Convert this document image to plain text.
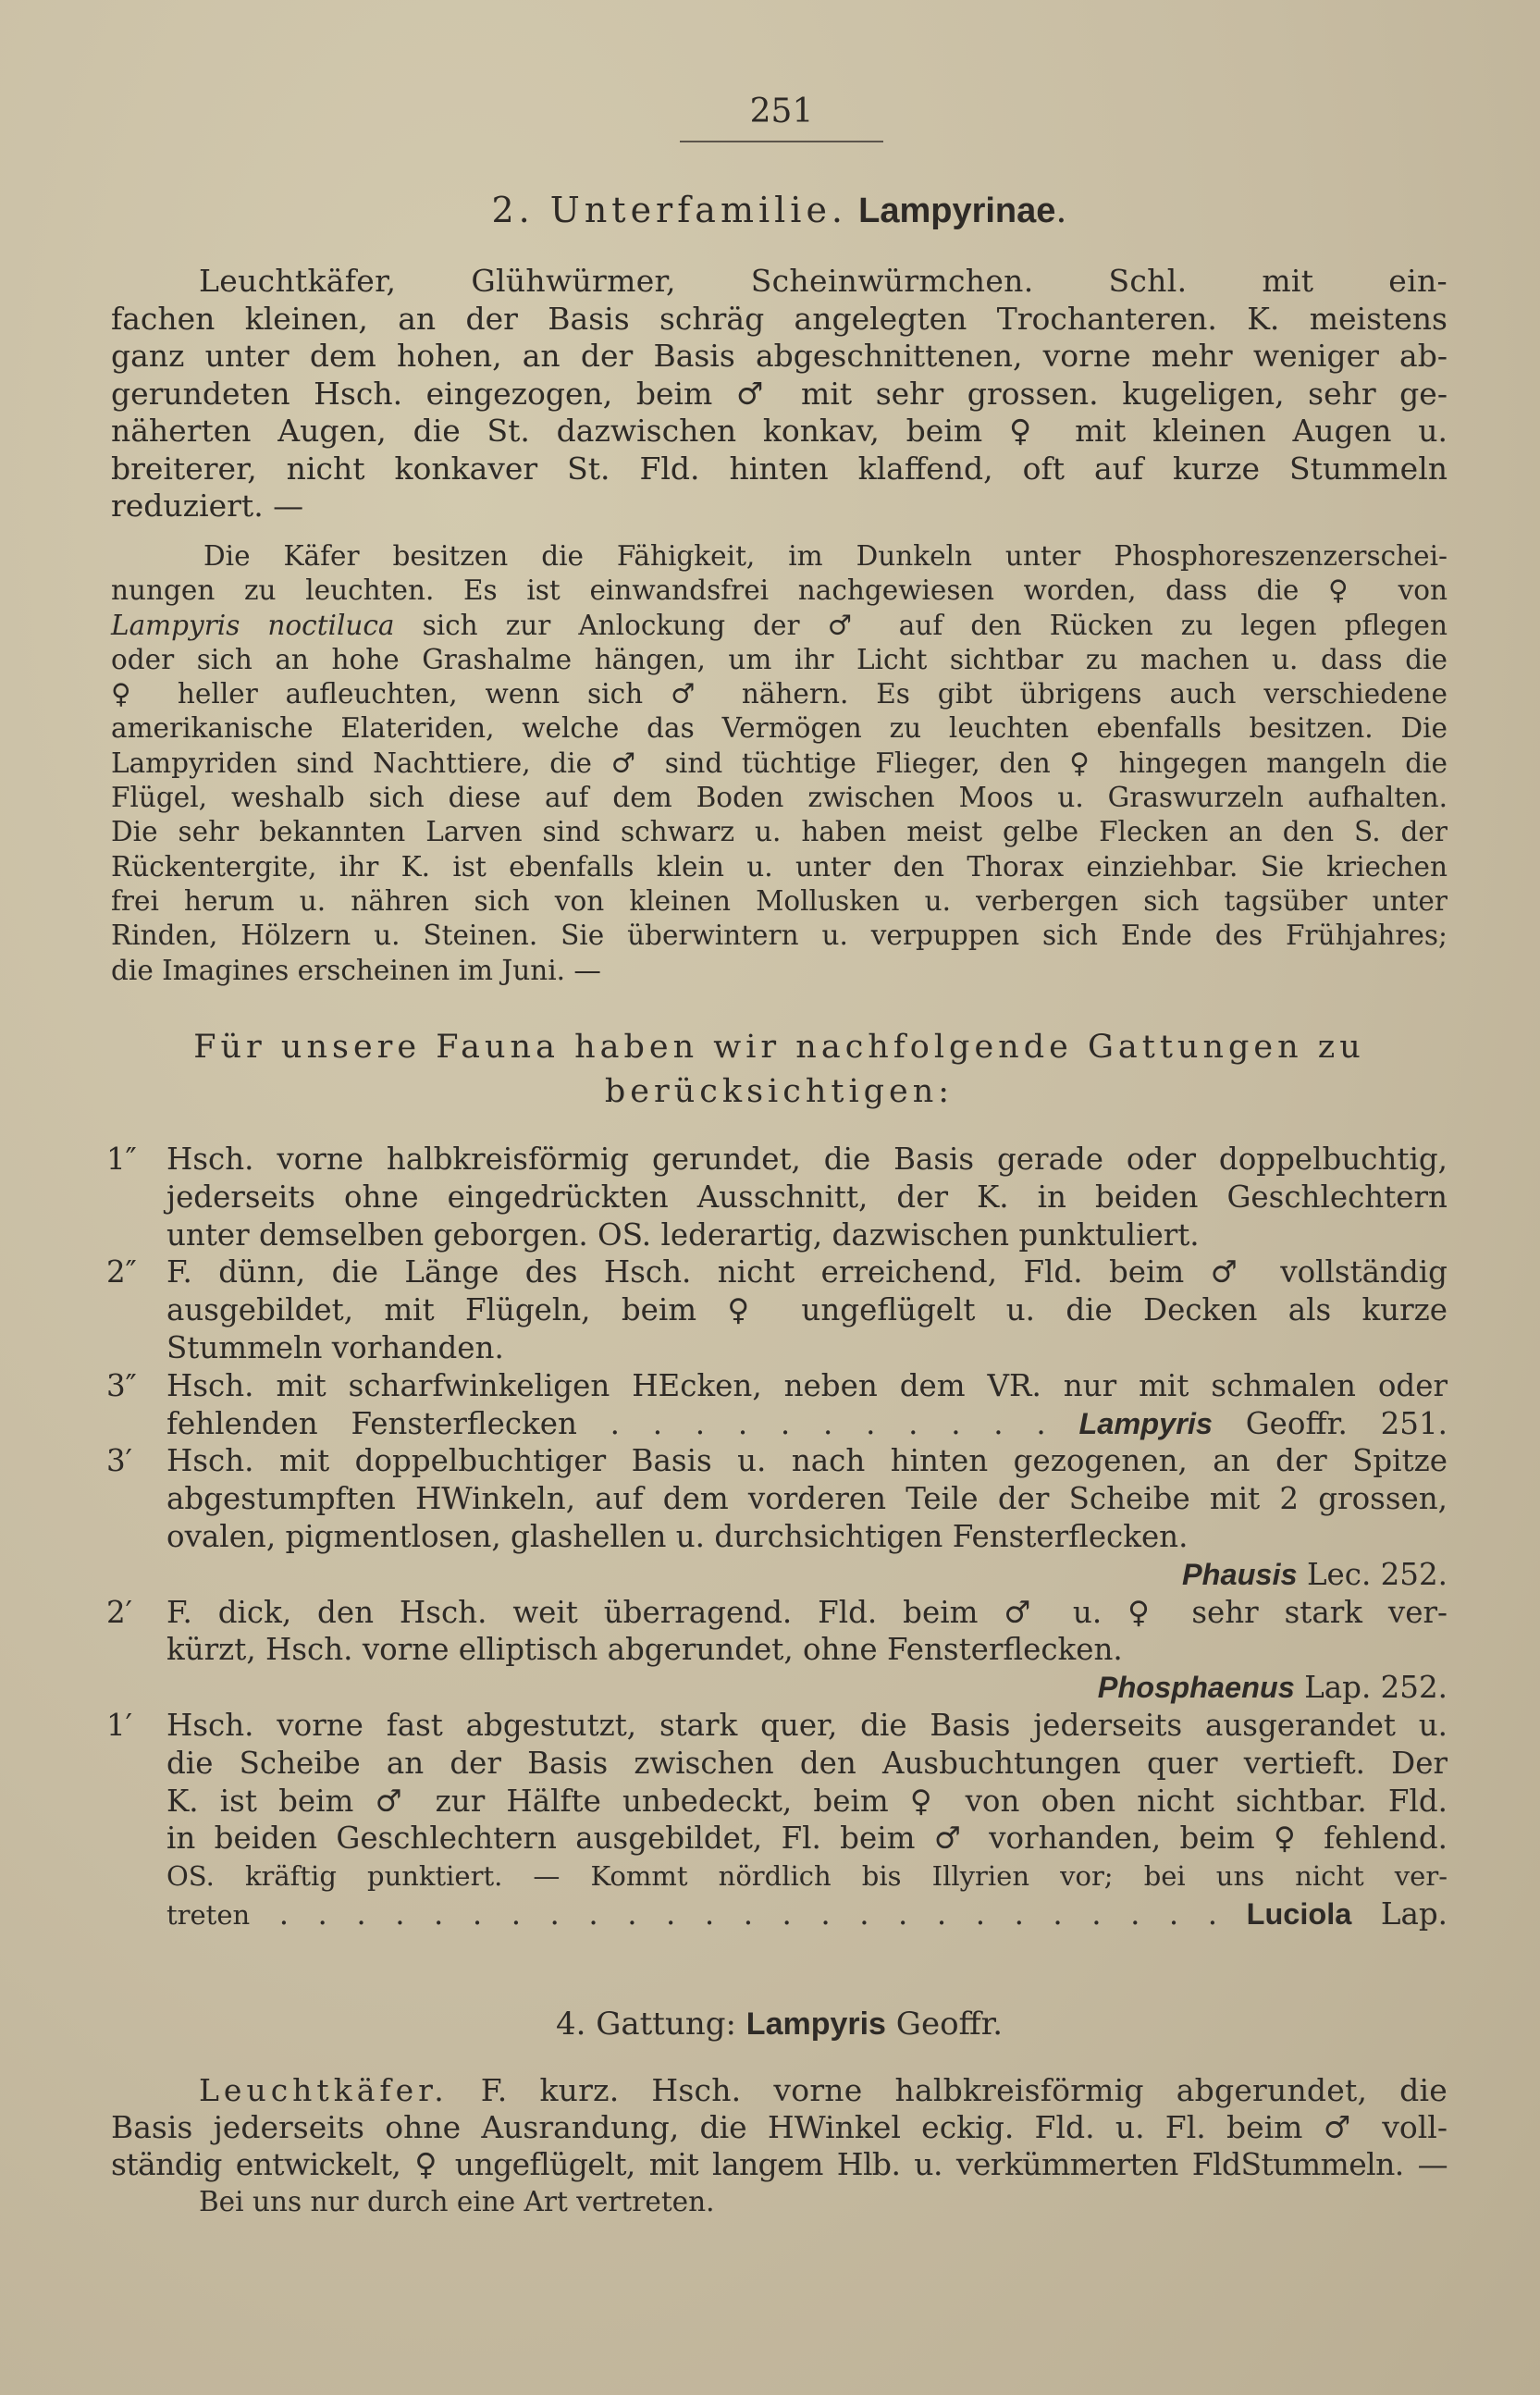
251
2. Unterfamilie. Lampyrinae.
Leuchtkäfer, Glühwürmer, Scheinwürmchen. Schl. mit ein-
fachen kleinen, an der Basis schräg angelegten Trochanteren. K. meistens
ganz unter dem hohen, an der Basis abgeschnittenen, vorne mehr weniger ab-
gerundeten Hsch. eingezogen, beim ♂ mit sehr grossen. kugeligen, sehr ge-
näherten Augen, die St. dazwischen konkav, beim ♀ mit kleinen Augen u.
breiterer, nicht konkaver St. Fld. hinten klaffend, oft auf kurze Stummeln
reduziert. —
Die Käfer besitzen die Fähigkeit, im Dunkeln unter Phosphoreszenzerschei-
nungen zu leuchten. Es ist einwandsfrei nachgewiesen worden, dass die ♀ von
Lampyris noctiluca sich zur Anlockung der ♂ auf den Rücken zu legen pflegen
oder sich an hohe Grashalme hängen, um ihr Licht sichtbar zu machen u. dass die
♀ heller aufleuchten, wenn sich ♂ nähern. Es gibt übrigens auch verschiedene
amerikanische Elateriden, welche das Vermögen zu leuchten ebenfalls besitzen. Die
Lampyriden sind Nachttiere, die ♂ sind tüchtige Flieger, den ♀ hingegen mangeln die
Flügel, weshalb sich diese auf dem Boden zwischen Moos u. Graswurzeln aufhalten.
Die sehr bekannten Larven sind schwarz u. haben meist gelbe Flecken an den S. der
Rückentergite, ihr K. ist ebenfalls klein u. unter den Thorax einziehbar. Sie kriechen
frei herum u. nähren sich von kleinen Mollusken u. verbergen sich tagsüber unter
Rinden, Hölzern u. Steinen. Sie überwintern u. verpuppen sich Ende des Frühjahres;
die Imagines erscheinen im Juni. —
Für unsere Fauna haben wir nachfolgende Gattungen zu
berücksichtigen:
1″ Hsch. vorne halbkreisförmig gerundet, die Basis gerade oder doppelbuchtig,
jederseits ohne eingedrückten Ausschnitt, der K. in beiden Geschlechtern
unter demselben geborgen. OS. lederartig, dazwischen punktuliert.
2″ F. dünn, die Länge des Hsch. nicht erreichend, Fld. beim ♂ vollständig
ausgebildet, mit Flügeln, beim ♀ ungeflügelt u. die Decken als kurze
Stummeln vorhanden.
3″ Hsch. mit scharfwinkeligen HEcken, neben dem VR. nur mit schmalen oder
fehlenden Fensterflecken . . . . . . . . . . . Lampyris Geoffr. 251.
3′	Hsch. mit doppelbuchtiger Basis u. nach hinten gezogenen, an der Spitze
abgestumpften HWinkeln, auf dem vorderen Teile der Scheibe mit 2 grossen,
ovalen, pigmentlosen, glashellen u. durchsichtigen Fensterflecken.
Phausis Lec. 252.
2′	F. dick, den Hsch. weit überragend. Fld. beim ♂ u. ♀ sehr stark ver-
kürzt, Hsch. vorne elliptisch abgerundet, ohne Fensterflecken.
Phosphaenus Lap. 252.
1′	Hsch. vorne fast abgestutzt, stark quer, die Basis jederseits ausgerandet u.
die Scheibe an der Basis zwischen den Ausbuchtungen quer vertieft. Der
K. ist beim ♂ zur Hälfte unbedeckt, beim ♀ von oben nicht sichtbar. Fld.
in beiden Geschlechtern ausgebildet, Fl. beim ♂ vorhanden, beim ♀ fehlend.
OS. kräftig punktiert. — Kommt nördlich bis Illyrien vor; bei uns nicht ver-
treten . . . . . . . . . . . . . . . . . . . . . . . . . Luciola Lap.
4. Gattung: Lampyris Geoffr.
Leuchtkäfer. F. kurz. Hsch. vorne halbkreisförmig abgerundet, die
Basis jederseits ohne Ausrandung, die HWinkel eckig. Fld. u. Fl. beim ♂ voll-
ständig entwickelt, ♀ ungeflügelt, mit langem Hlb. u. verkümmerten FldStummeln. —
Bei uns nur durch eine Art vertreten.
